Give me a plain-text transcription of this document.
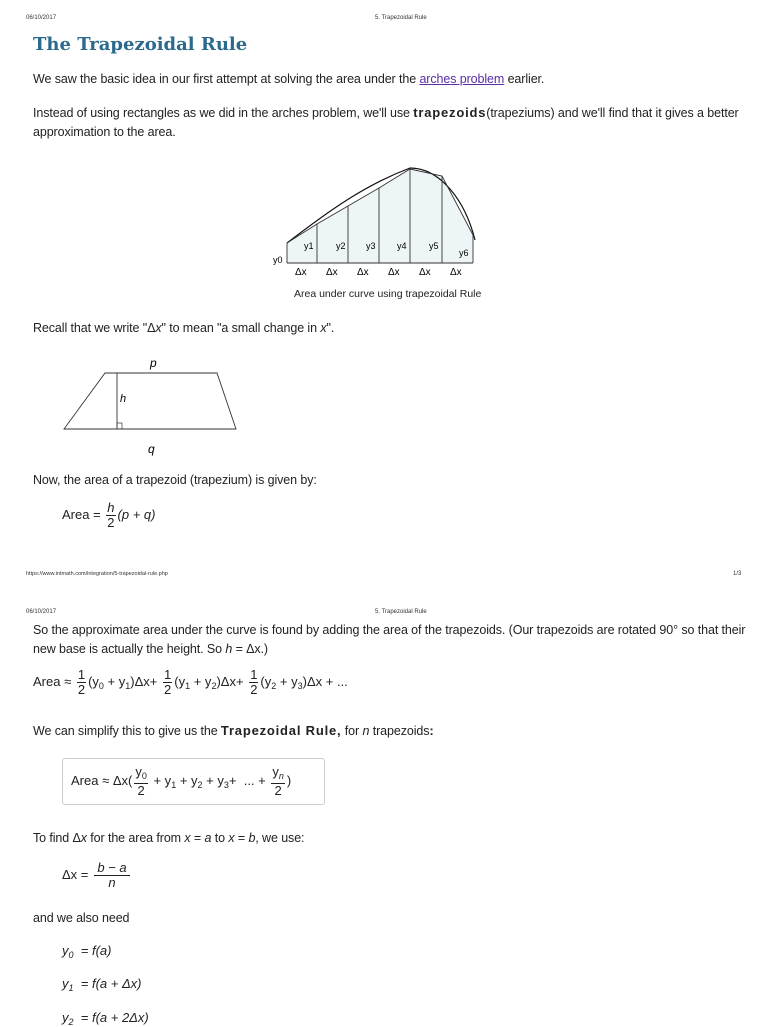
06/10/2017	5. Trapezoidal Rule
The Trapezoidal Rule
We saw the basic idea in our first attempt at solving the area under the arches problem earlier.
Instead of using rectangles as we did in the arches problem, we'll use trapezoids(trapeziums) and we'll find that it gives a better
approximation to the area.
y0
y1 y2 y3 y4 y5
y6
Δx Δx Δx Δx Δx Δx
Area under curve using trapezoidal Rule
Recall that we write "Δx" to mean "a small change in x".
p
h
q
Now, the area of a trapezoid (trapezium) is given by:
Area = $\frac{h}{2} (p + q)$
https://www.intmath.com/integration/5-trapezoidal-rule.php	1/3
06/10/2017	5. Trapezoidal Rule
So the approximate area under the curve is found by adding the area of the trapezoids. (Our trapezoids are rotated 90° so that their
new base is actually the height. So h = Δx.)
Area ≈ $\frac{1}{2} (y_0 + y_1)\Delta x+ \frac{1}{2} (y_1 + y_2)\Delta x+ \frac{1}{2} (y_2 + y_3)\Delta x$ + ...
We can simplify this to give us the Trapezoidal Rule, for n trapezoids:
Area ≈ $\Delta x( \frac{y_0}{2} + y_1 + y_2 + y_3+$  ... + $\frac{y_n}{2}$ )
To find Δx for the area from x = a to x = b, we use:
$\Delta x = \frac{b - a}{n}$
and we also need
$y_0 = f(a)$
$y_1 = f(a + \Delta x)$
$y_2 = f(a + 2\Delta x)$
